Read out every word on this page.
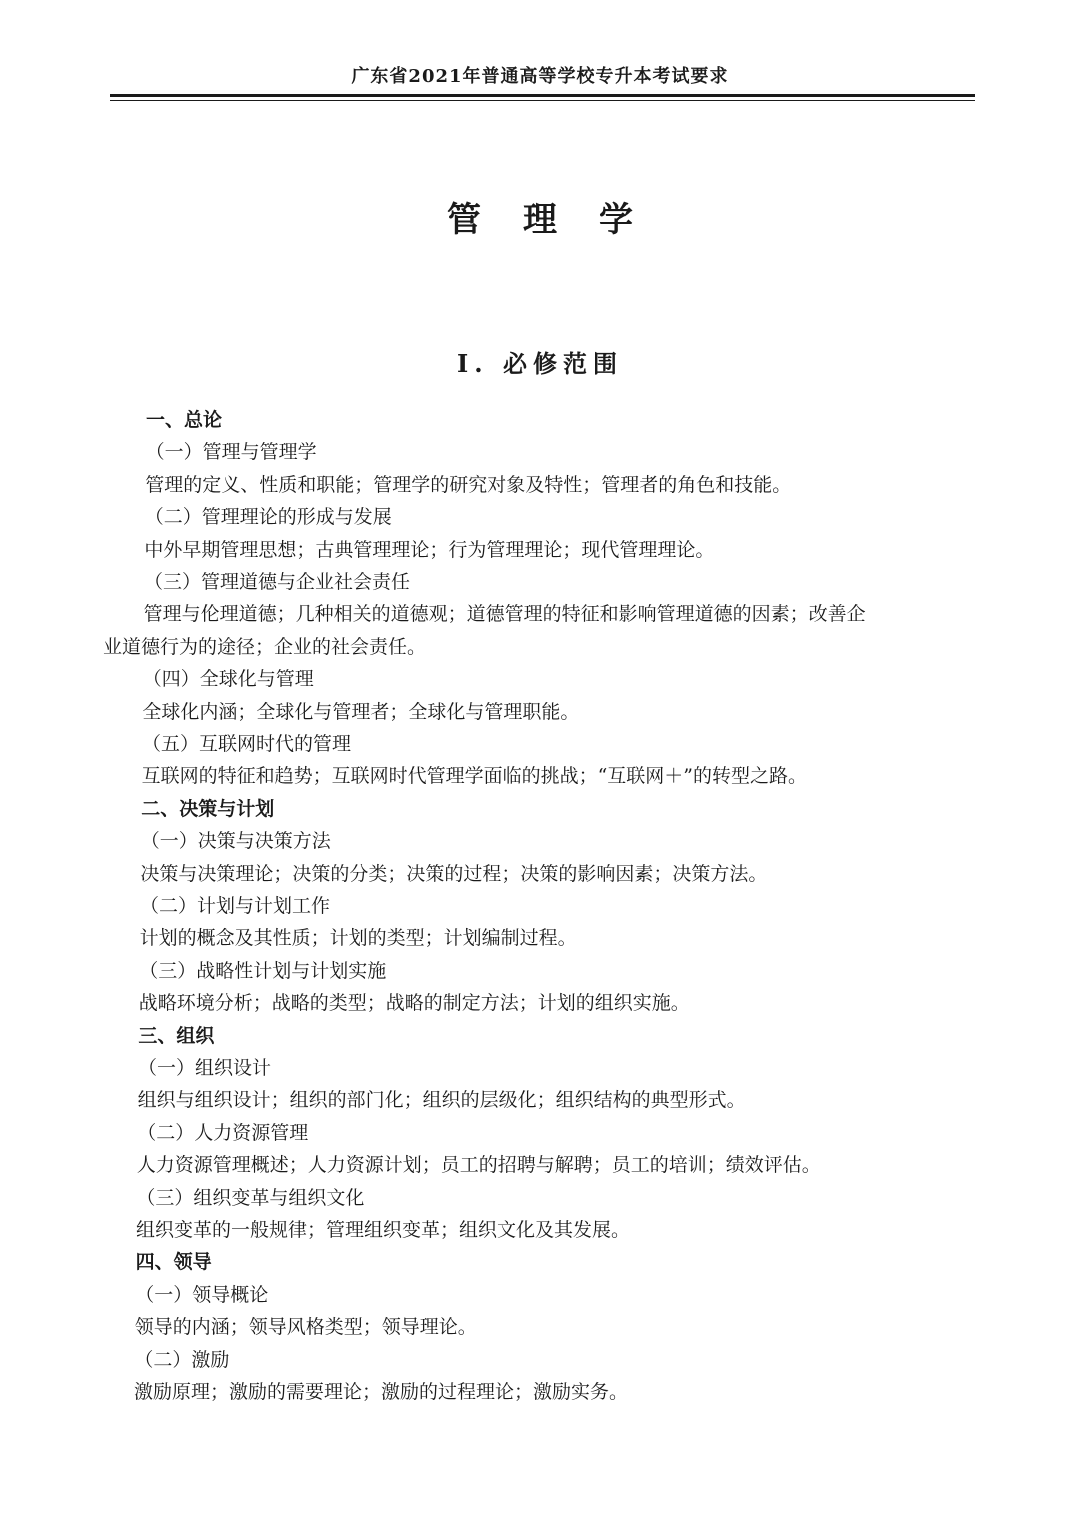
广东省2021年普通高等学校专升本考试要求
管理学
Ⅰ. 必修范围
一、总论
（一）管理与管理学
管理的定义、性质和职能；管理学的研究对象及特性；管理者的角色和技能。
（二）管理理论的形成与发展
中外早期管理思想；古典管理理论；行为管理理论；现代管理理论。
（三）管理道德与企业社会责任
管理与伦理道德；几种相关的道德观；道德管理的特征和影响管理道德的因素；改善企
业道德行为的途径；企业的社会责任。
（四）全球化与管理
全球化内涵；全球化与管理者；全球化与管理职能。
（五）互联网时代的管理
互联网的特征和趋势；互联网时代管理学面临的挑战；“互联网＋”的转型之路。
二、决策与计划
（一）决策与决策方法
决策与决策理论；决策的分类；决策的过程；决策的影响因素；决策方法。
（二）计划与计划工作
计划的概念及其性质；计划的类型；计划编制过程。
（三）战略性计划与计划实施
战略环境分析；战略的类型；战略的制定方法；计划的组织实施。
三、组织
（一）组织设计
组织与组织设计；组织的部门化；组织的层级化；组织结构的典型形式。
（二）人力资源管理
人力资源管理概述；人力资源计划；员工的招聘与解聘；员工的培训；绩效评估。
（三）组织变革与组织文化
组织变革的一般规律；管理组织变革；组织文化及其发展。
四、领导
（一）领导概论
领导的内涵；领导风格类型；领导理论。
（二）激励
激励原理；激励的需要理论；激励的过程理论；激励实务。
